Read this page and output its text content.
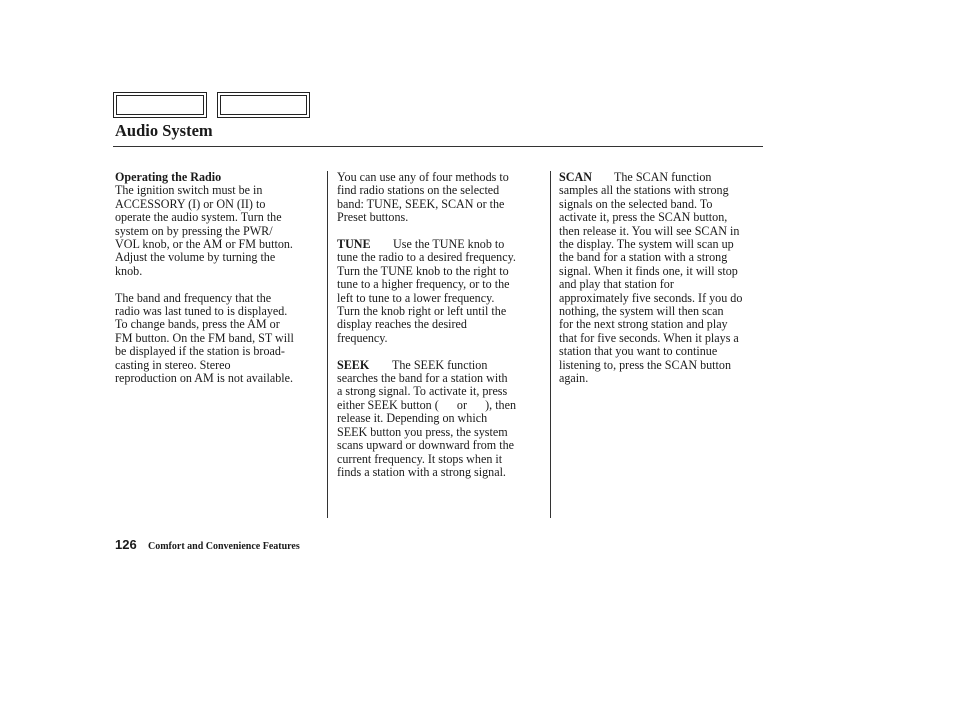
Audio System
Operating the Radio
The ignition switch must be in
ACCESSORY (I) or ON (II) to
operate the audio system. Turn the
system on by pressing the PWR/
VOL knob, or the AM or FM button.
Adjust the volume by turning the
knob.
The band and frequency that the
radio was last tuned to is displayed.
To change bands, press the AM or
FM button. On the FM band, ST will
be displayed if the station is broad-
casting in stereo. Stereo
reproduction on AM is not available.
You can use any of four methods to
find radio stations on the selected
band: TUNE, SEEK, SCAN or the
Preset buttons.
TUNE Use the TUNE knob to
tune the radio to a desired frequency.
Turn the TUNE knob to the right to
tune to a higher frequency, or to the
left to tune to a lower frequency.
Turn the knob right or left until the
display reaches the desired
frequency.
SEEK The SEEK function
searches the band for a station with
a strong signal. To activate it, press
either SEEK button (      or      ), then
release it. Depending on which
SEEK button you press, the system
scans upward or downward from the
current frequency. It stops when it
finds a station with a strong signal.
SCAN The SCAN function
samples all the stations with strong
signals on the selected band. To
activate it, press the SCAN button,
then release it. You will see SCAN in
the display. The system will scan up
the band for a station with a strong
signal. When it finds one, it will stop
and play that station for
approximately five seconds. If you do
nothing, the system will then scan
for the next strong station and play
that for five seconds. When it plays a
station that you want to continue
listening to, press the SCAN button
again.
126 Comfort and Convenience Features
